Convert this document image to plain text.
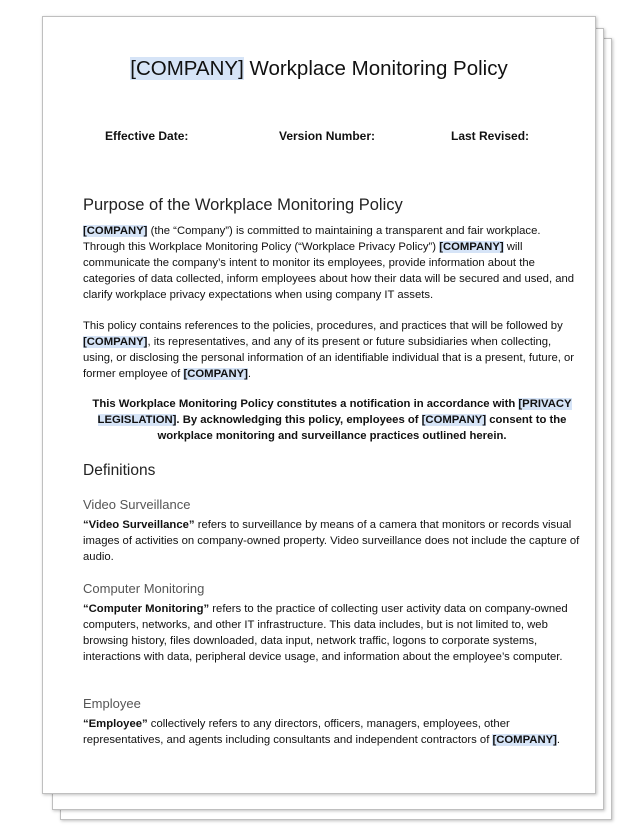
[COMPANY] Workplace Monitoring Policy
Effective Date:	Version Number:	Last Revised:
Purpose of the Workplace Monitoring Policy
[COMPANY] (the “Company”) is committed to maintaining a transparent and fair workplace. Through this Workplace Monitoring Policy (“Workplace Privacy Policy”) [COMPANY] will communicate the company’s intent to monitor its employees, provide information about the categories of data collected, inform employees about how their data will be secured and used, and clarify workplace privacy expectations when using company IT assets.
This policy contains references to the policies, procedures, and practices that will be followed by [COMPANY], its representatives, and any of its present or future subsidiaries when collecting, using, or disclosing the personal information of an identifiable individual that is a present, future, or former employee of [COMPANY].
This Workplace Monitoring Policy constitutes a notification in accordance with [PRIVACY LEGISLATION]. By acknowledging this policy, employees of [COMPANY] consent to the workplace monitoring and surveillance practices outlined herein.
Definitions
Video Surveillance
“Video Surveillance” refers to surveillance by means of a camera that monitors or records visual images of activities on company-owned property. Video surveillance does not include the capture of audio.
Computer Monitoring
“Computer Monitoring” refers to the practice of collecting user activity data on company-owned computers, networks, and other IT infrastructure. This data includes, but is not limited to, web browsing history, files downloaded, data input, network traffic, logons to corporate systems, interactions with data, peripheral device usage, and information about the employee’s computer.
Employee
“Employee” collectively refers to any directors, officers, managers, employees, other representatives, and agents including consultants and independent contractors of [COMPANY].
